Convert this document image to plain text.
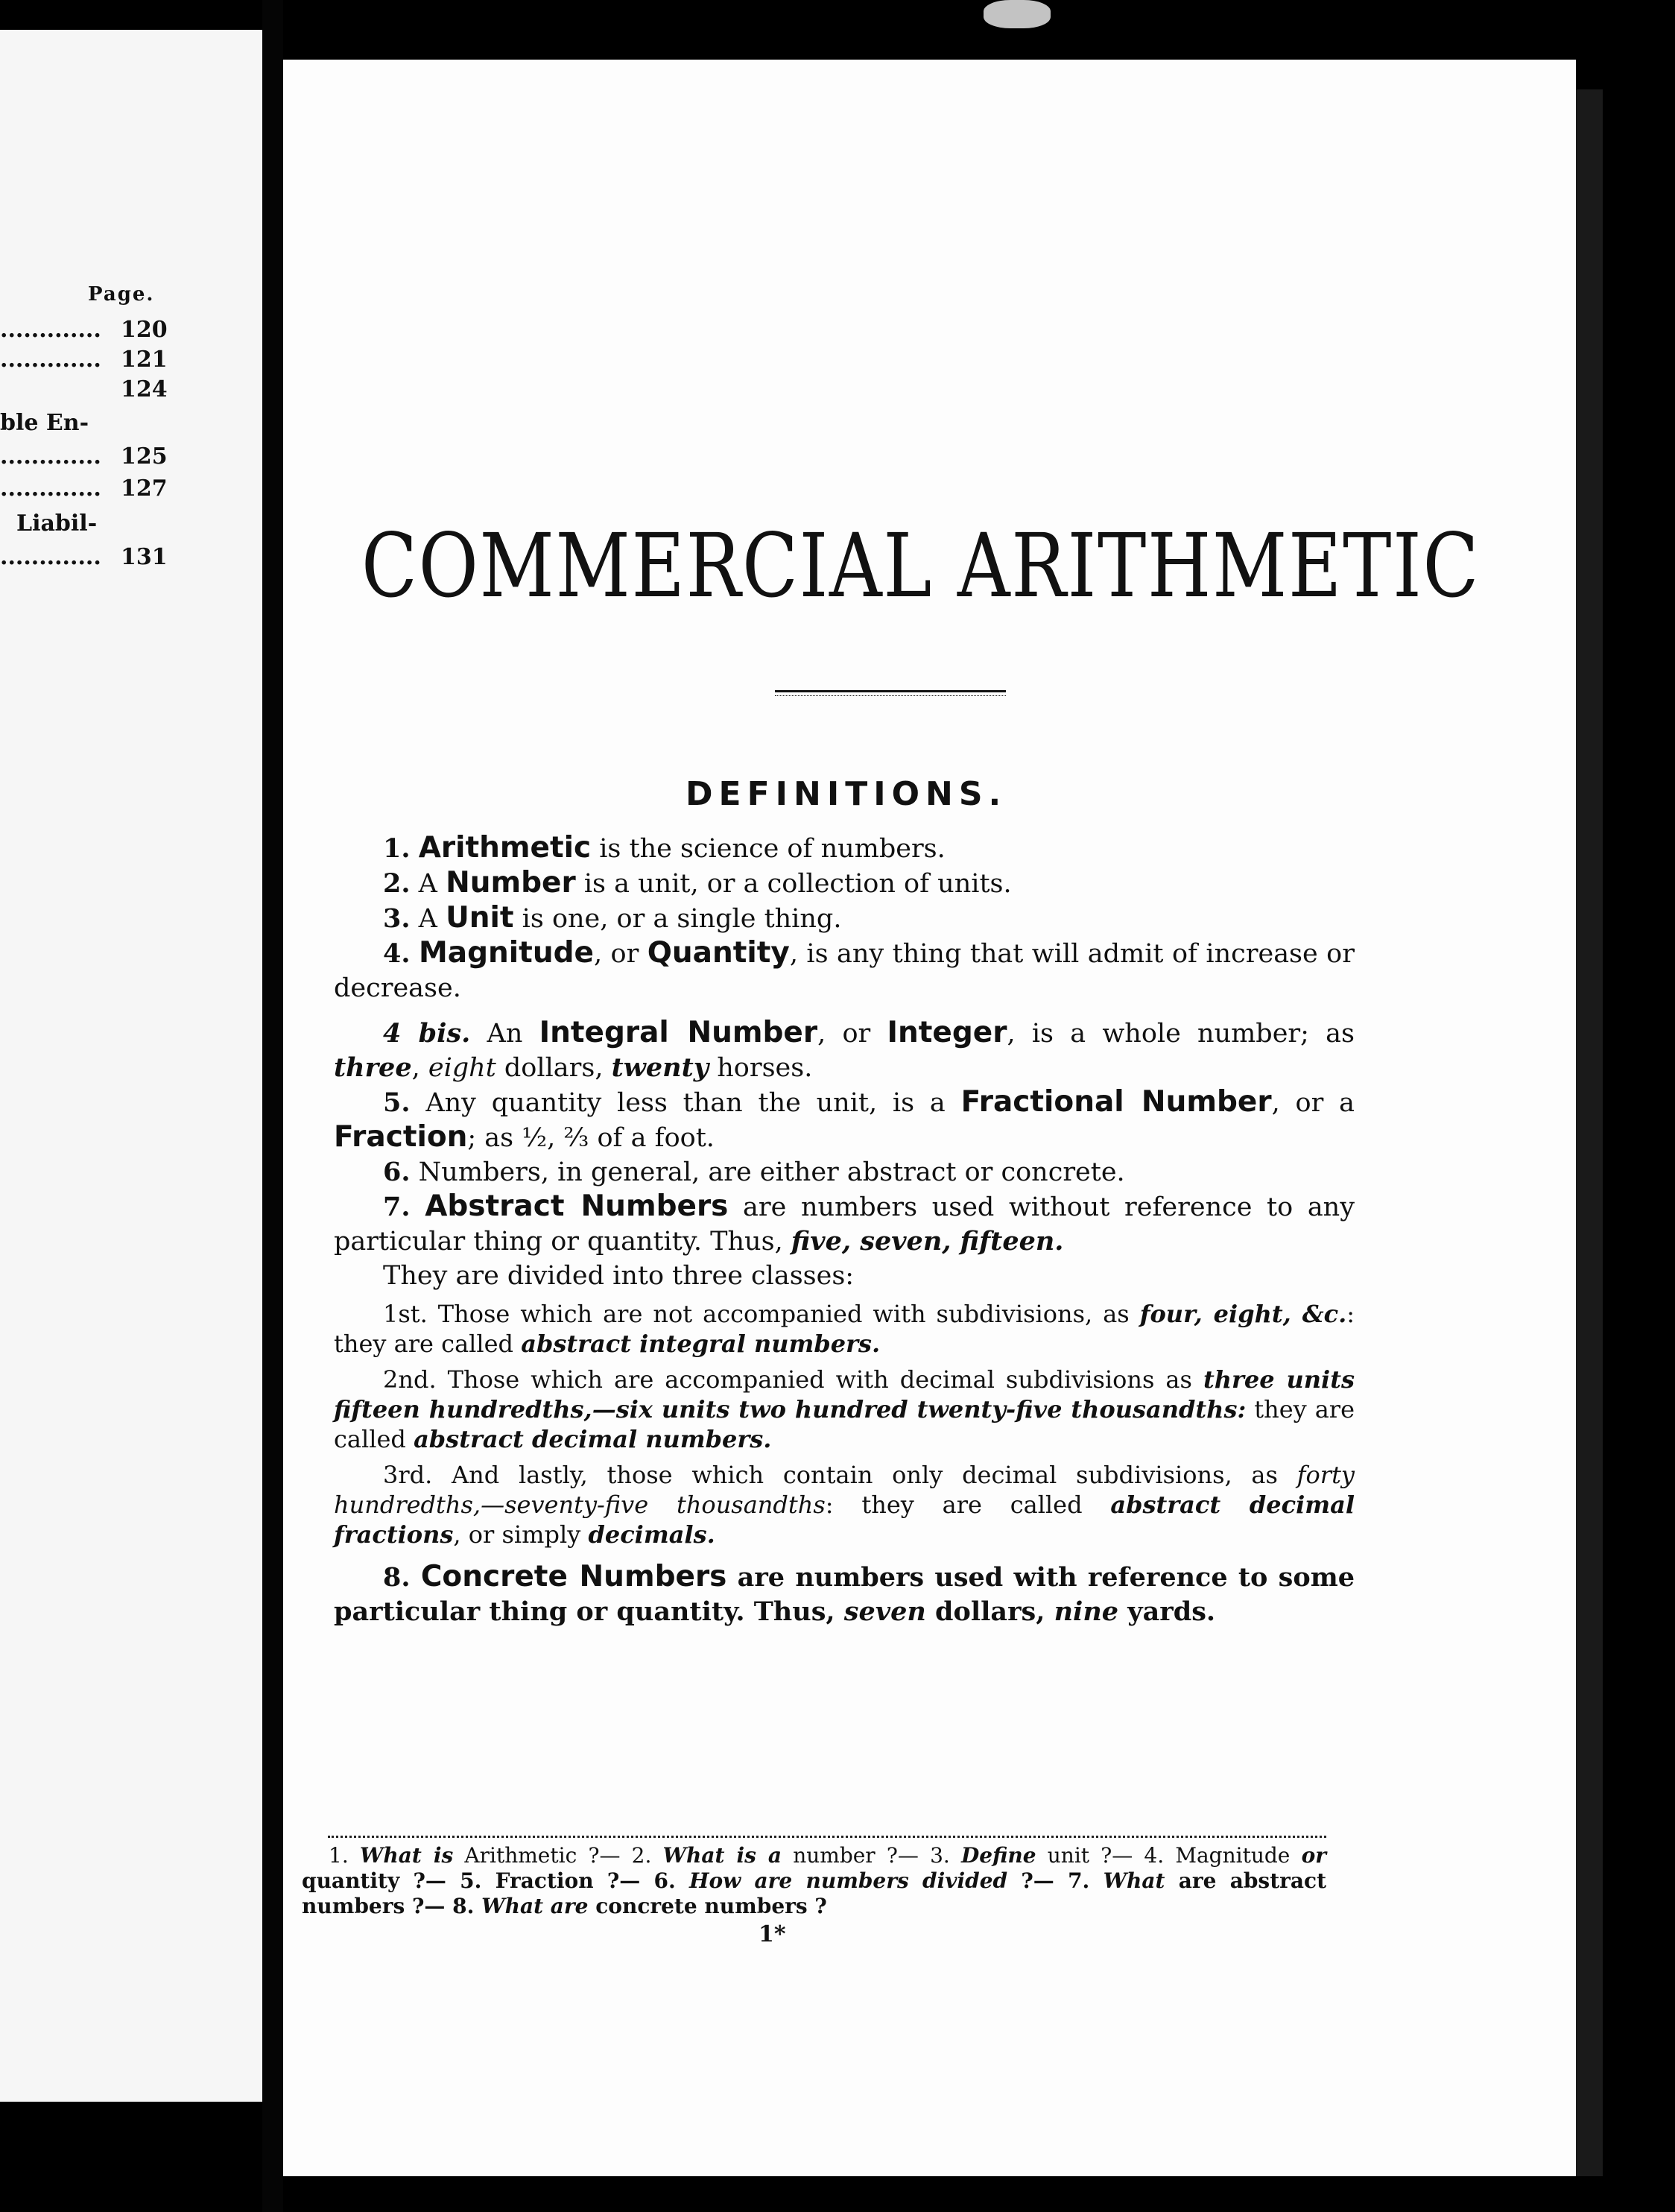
Page.
............. 120
............. 121
124
ble En-
............. 125
............. 127
Liabil-
............. 131 COMMERCIAL ARITHMETIC
DEFINITIONS.

1. Arithmetic is the science of numbers.

2. A Number is a unit, or a collection of units.

3. A Unit is one, or a single thing.

4. Magnitude, or Quantity, is any thing that will admit of increase or decrease.

4 bis. An Integral Number, or Integer, is a whole number; as three, eight dollars, twenty horses.

5. Any quantity less than the unit, is a Fractional Number, or a Fraction; as ½, ⅔ of a foot.

6. Numbers, in general, are either abstract or concrete.

7. Abstract Numbers are numbers used without reference to any particular thing or quantity. Thus, five, seven, fifteen.

They are divided into three classes:

1st. Those which are not accompanied with subdivisions, as four, eight, &c.: they are called abstract integral numbers.

2nd. Those which are accompanied with decimal subdivisions as three units fifteen hundredths,—six units two hundred twenty-five thousandths: they are called abstract decimal numbers.

3rd. And lastly, those which contain only decimal subdivisions, as forty hundredths,—seventy-five thousandths: they are called abstract decimal fractions, or simply decimals.

8. Concrete Numbers are numbers used with reference to some particular thing or quantity. Thus, seven dollars, nine yards.

1. What is Arithmetic ?— 2. What is a number ?— 3. Define unit ?— 4. Magnitude or quantity ?— 5. Fraction ?— 6. How are numbers divided ?— 7. What are abstract numbers ?— 8. What are concrete numbers ?
1*
